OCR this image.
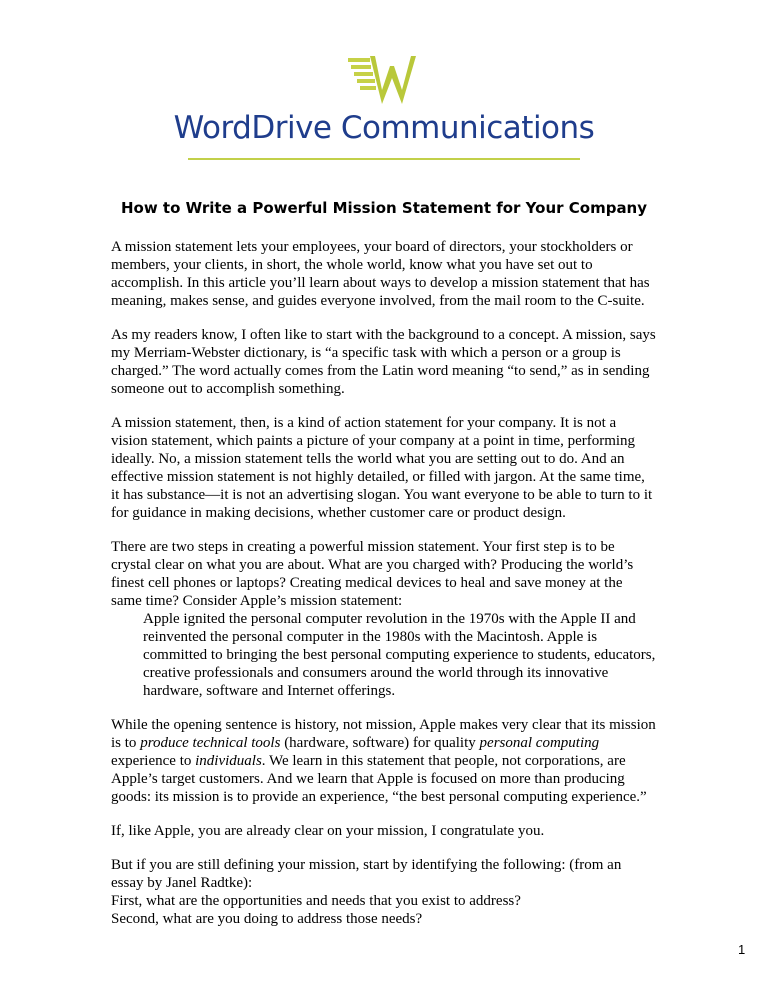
WordDrive Communications
How to Write a Powerful Mission Statement for Your Company

A mission statement lets your employees, your board of directors, your stockholders or members, your clients, in short, the whole world, know what you have set out to accomplish. In this article you’ll learn about ways to develop a mission statement that has meaning, makes sense, and guides everyone involved, from the mail room to the C-suite.

As my readers know, I often like to start with the background to a concept. A mission, says my Merriam-Webster dictionary, is “a specific task with which a person or a group is charged.” The word actually comes from the Latin word meaning “to send,” as in sending someone out to accomplish something.

A mission statement, then, is a kind of action statement for your company. It is not a vision statement, which paints a picture of your company at a point in time, performing ideally. No, a mission statement tells the world what you are setting out to do. And an effective mission statement is not highly detailed, or filled with jargon. At the same time, it has substance—it is not an advertising slogan. You want everyone to be able to turn to it for guidance in making decisions, whether customer care or product design.

There are two steps in creating a powerful mission statement. Your first step is to be crystal clear on what you are about. What are you charged with? Producing the world’s finest cell phones or laptops? Creating medical devices to heal and save money at the same time? Consider Apple’s mission statement:
Apple ignited the personal computer revolution in the 1970s with the Apple II and reinvented the personal computer in the 1980s with the Macintosh. Apple is committed to bringing the best personal computing experience to students, educators, creative professionals and consumers around the world through its innovative hardware, software and Internet offerings.

While the opening sentence is history, not mission, Apple makes very clear that its mission is to produce technical tools (hardware, software) for quality personal computing experience to individuals. We learn in this statement that people, not corporations, are Apple’s target customers. And we learn that Apple is focused on more than producing goods: its mission is to provide an experience, “the best personal computing experience.”

If, like Apple, you are already clear on your mission, I congratulate you.

But if you are still defining your mission, start by identifying the following: (from an essay by Janel Radtke):
First, what are the opportunities and needs that you exist to address?
Second, what are you doing to address those needs?

1
